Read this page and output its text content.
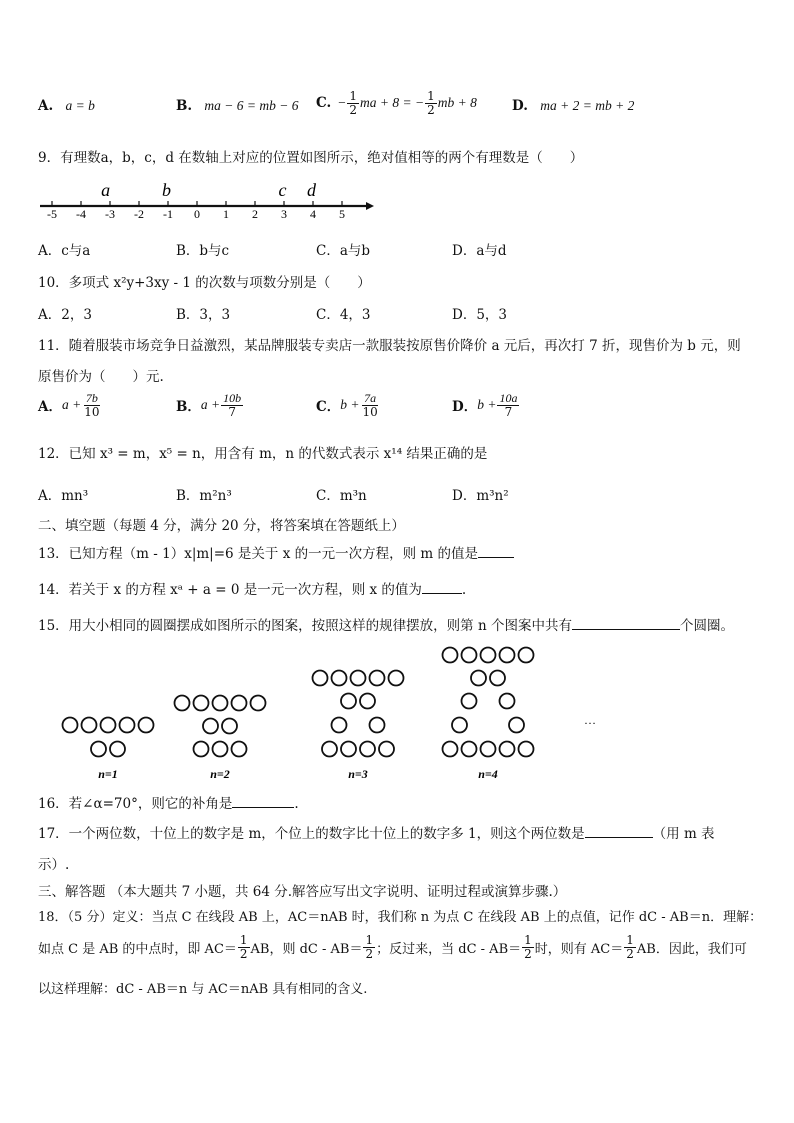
A. a = b	B. ma − 6 = mb − 6 C. − $\frac{1}{2}$ ma + 8 = − $\frac{1}{2}$ mb + 8	D. ma + 2 = mb + 2
9．有理数a，b，c，d 在数轴上对应的位置如图所示，绝对值相等的两个有理数是（　　）
-5 -4 -3 -2 -1 0 1 2 3 4 5
a	b	c d
A．c与a	B．b与c	C．a与b	D．a与d
10．多项式 x²y+3xy - 1 的次数与项数分别是（　　）
A．2，3	B．3，3	C．4，3	D．5，3
11．随着服装市场竞争日益激烈，某品牌服装专卖店一款服装按原售价降价 a 元后，再次打 7 折，现售价为 b 元，则
原售价为（　　）元.
A． $a + \frac{7b}{10}$	B． $a + \frac{10b}{7}$	C． $b + \frac{7a}{10}$	D． $b + \frac{10a}{7}$
12．已知 x³ = m，x⁵ = n，用含有 m，n 的代数式表示 x¹⁴ 结果正确的是
A．mn³	B．m²n³	C．m³n	D．m³n²
二、填空题（每题 4 分，满分 20 分，将答案填在答题纸上）
13．已知方程（m - 1）x|m|=6 是关于 x 的一元一次方程，则 m 的值是
14．若关于 x 的方程 xᵃ + a = 0 是一元一次方程，则 x 的值为	.
15．用大小相同的圆圈摆成如图所示的图案，按照这样的规律摆放，则第 n 个图案中共有	个圆圈。
n=1	n=2	n=3	n=4
…
16．若∠α=70°，则它的补角是	.
17．一个两位数，十位上的数字是 m，个位上的数字比十位上的数字多 1，则这个两位数是	（用 m 表
示）.
三、解答题 （本大题共 7 小题，共 64 分.解答应写出文字说明、证明过程或演算步骤.）
18．（5 分）定义：当点 C 在线段 AB 上，AC＝nAB 时，我们称 n 为点 C 在线段 AB 上的点值，记作 dC - AB＝n．理解：
如点 C 是 AB 的中点时，即 $AC= \frac{1}{2}$ AB，则 dC - $AB= \frac{1}{2}$ ；反过来，当 dC - $AB= \frac{1}{2}$ 时，则有 $AC= \frac{1}{2}$ AB．因此，我们可
以这样理解：dC - AB＝n 与 AC＝nAB 具有相同的含义.
